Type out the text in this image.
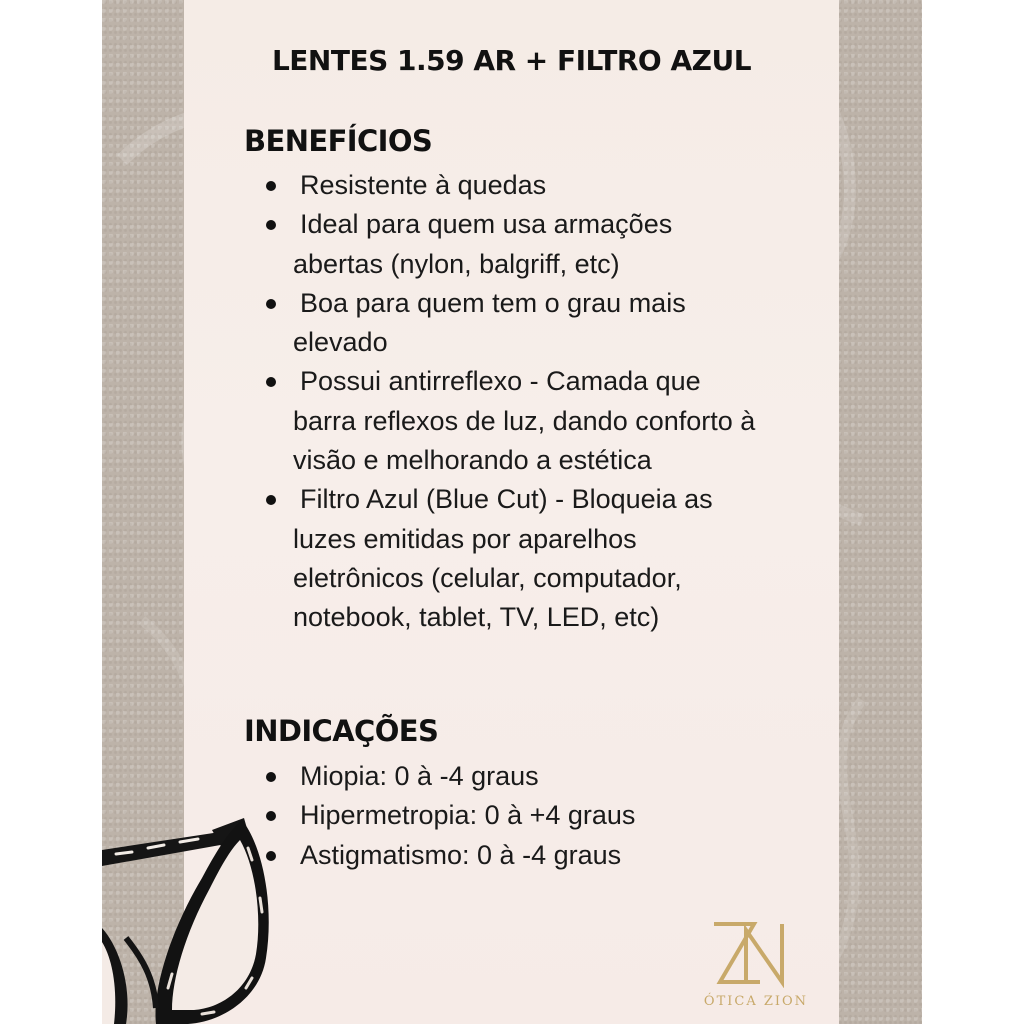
LENTES 1.59 AR + FILTRO AZUL
BENEFÍCIOS
Resistente à quedas
Ideal para quem usa armações abertas (nylon, balgriff, etc)
Boa para quem tem o grau mais elevado
Possui antirreflexo - Camada que barra reflexos de luz, dando conforto à visão e melhorando a estética
Filtro Azul (Blue Cut) - Bloqueia as luzes emitidas por aparelhos eletrônicos (celular, computador, notebook, tablet, TV, LED, etc)
INDICAÇÕES
Miopia: 0 à -4 graus
Hipermetropia: 0 à +4 graus
Astigmatismo: 0 à -4 graus
ÓTICA ZION
